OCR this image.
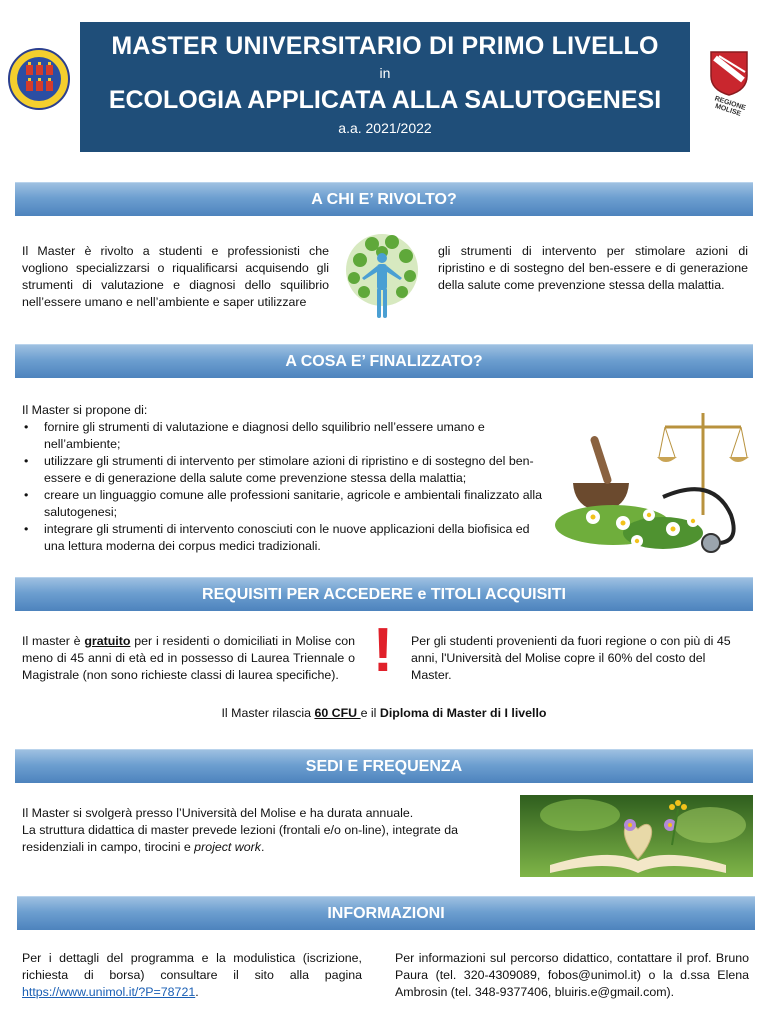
MASTER UNIVERSITARIO DI PRIMO LIVELLO
in
ECOLOGIA APPLICATA ALLA SALUTOGENESI
a.a. 2021/2022
REGIONE MOLISE
A CHI E’ RIVOLTO?
Il Master è rivolto a studenti e professionisti che vogliono specializzarsi o riqualificarsi acquisendo gli strumenti di valutazione e diagnosi dello squilibrio nell’essere umano e nell’ambiente e saper utilizzare
gli strumenti di intervento per stimolare azioni di ripristino e di sostegno del ben-essere e di generazione della salute come prevenzione stessa della malattia.
A COSA E’ FINALIZZATO?
Il Master si propone di:
• fornire gli strumenti di valutazione e diagnosi dello squilibrio nell’essere umano e nell’ambiente;
• utilizzare gli strumenti di intervento per stimolare azioni di ripristino e di sostegno del ben-essere e di generazione della salute come prevenzione stessa della malattia;
• creare un linguaggio comune alle professioni sanitarie, agricole e ambientali finalizzato alla salutogenesi;
• integrare gli strumenti di intervento conosciuti con le nuove applicazioni della biofisica ed una lettura moderna dei corpus medici tradizionali.
REQUISITI PER ACCEDERE e TITOLI ACQUISITI
Il master è gratuito per i residenti o domiciliati in Molise con meno di 45 anni di età ed in possesso di Laurea Triennale o Magistrale (non sono richieste classi di laurea specifiche). !	Per gli studenti provenienti da fuori regione o con più di 45 anni, l'Università del Molise copre il 60% del costo del Master.
Il Master rilascia 60 CFU e il Diploma di Master di I livello
SEDI E FREQUENZA
Il Master si svolgerà presso l’Università del Molise e ha durata annuale.
La struttura didattica di master prevede lezioni (frontali e/o on-line), integrate da residenziali in campo, tirocini e project work.
INFORMAZIONI
Per i dettagli del programma e la modulistica (iscrizione, richiesta di borsa) consultare il sito alla pagina https://www.unimol.it/?P=78721.
Per informazioni sul percorso didattico, contattare il prof. Bruno Paura (tel. 320-4309089, fobos@unimol.it) o la d.ssa Elena Ambrosin (tel. 348-9377406, bluiris.e@gmail.com).
